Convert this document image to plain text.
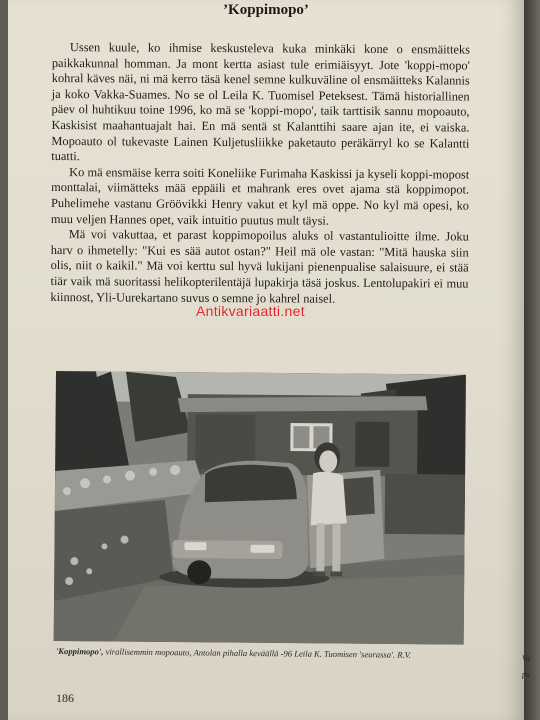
’Koppimopo’

Ussen kuule, ko ihmise keskusteleva kuka minkäki kone o ensmäitteks paikkakunnal homman. Ja mont kertta asiast tule erimiäisyyt. Jote 'koppi-mopo' kohral käves näi, ni mä kerro täsä kenel semne kulkuväline ol ensmäitteks Kalannis ja koko Vakka-Suames. No se ol Leila K. Tuomisel Peteksest. Tämä historiallinen päev ol huhtikuu toine 1996, ko mä se 'koppi-mopo', taik tarttisik sannu mopoauto, Kaskisist maahantuajalt hai. En mä sentä st Kalanttihi saare ajan ite, ei vaiska. Mopoauto ol tukevaste Lainen Kuljetusliikke paketauto peräkärryl ko se Kalantti tuatti.

Ko mä ensmäise kerra soiti Koneliike Furimaha Kaskissi ja kyseli koppi-mopost monttalai, viimätteks mää eppäili et mahrank eres ovet ajama stä koppimopot. Puhelimehe vastanu Gröövikki Henry vakut et kyl mä oppe. No kyl mä opesi, ko muu veljen Hannes opet, vaik intuitio puutus mult täysi.

Mä voi vakuttaa, et parast koppimopoilus aluks ol vastantulioitte ilme. Joku harv o ihmetelly: "Kui es sää autot ostan?" Heil mä ole vastan: "Mitä hauska siin olis, niit o kaikil." Mä voi kerttu sul hyvä lukijani pienenpualise salaisuure, ei stää tiär vaik mä suoritassi helikopterilentäjä lupakirja täsä joskus. Lentolupakiri ei muu kiinnost, Yli-Uurekartano suvus o semne jo kahrel naisel.

Antikvariaatti.net
'Koppimopo', virallisemmin mopoauto, Antolan pihalla keväällä -96 Leila K. Tuomisen 'seurassa'. R.V.
186
Va
pu
